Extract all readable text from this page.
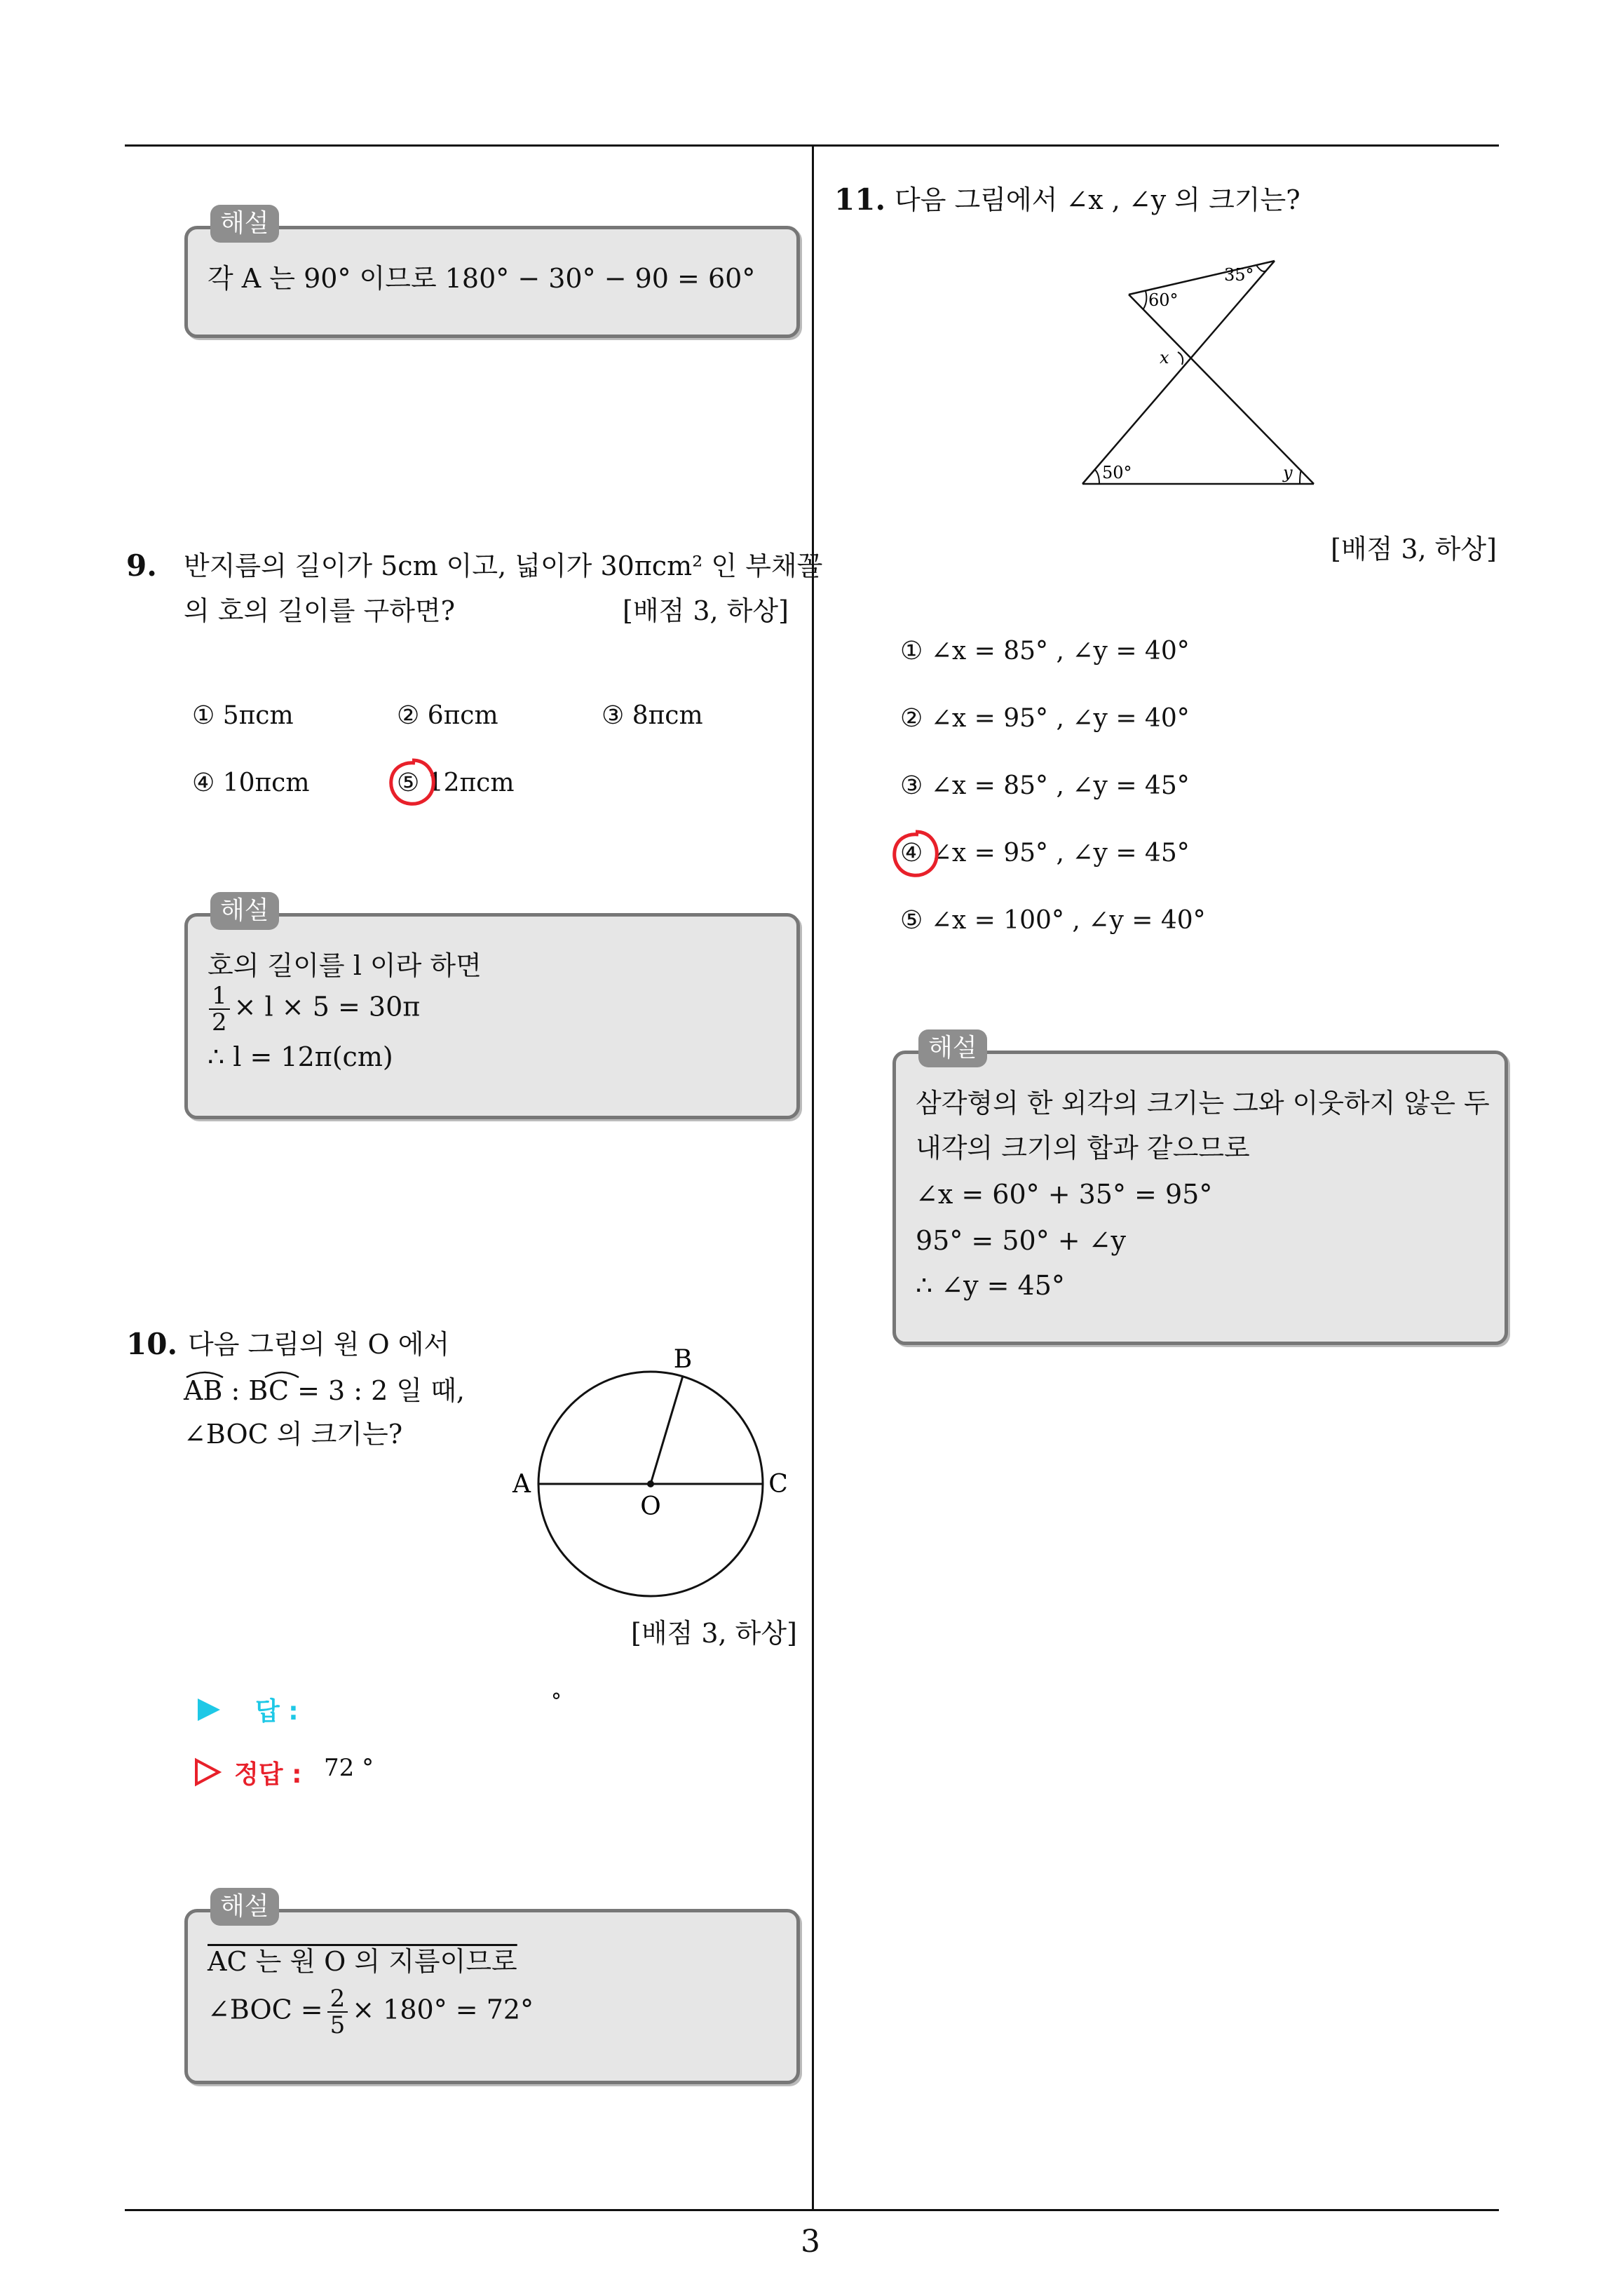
3
해설
각 A 는 90° 이므로 180° − 30° − 90 = 60°
9. 반지름의 길이가 5cm 이고, 넓이가 30πcm² 인 부채꼴
의 호의 길이를 구하면?	[배점 3, 하상]
① 5πcm	② 6πcm	③ 8πcm
④ 10πcm	⑤ 12πcm
해설
호의 길이를 l 이라 하면
$\frac{1}{2} \times l \times 5 = 30\pi$
∴ l = 12π(cm)
10. 다음 그림의 원 O 에서
AB : BC = 3 : 2 일 때,
∠BOC 의 크기는?
B
A	C
O
[배점 3, 하상]
답 :	°
정답 : 72 °
해설
AC 는 원 O 의 지름이므로
∠BOC = $\frac{2}{5} \times 180^\circ = 72^\circ$
11. 다음 그림에서 ∠x , ∠y 의 크기는?
60°
35°
x
50°	y
[배점 3, 하상]
① ∠x = 85° , ∠y = 40°
② ∠x = 95° , ∠y = 40°
③ ∠x = 85° , ∠y = 45°
④ ∠x = 95° , ∠y = 45°
⑤ ∠x = 100° , ∠y = 40°
해설
삼각형의 한 외각의 크기는 그와 이웃하지 않은 두
내각의 크기의 합과 같으므로
∠x = 60° + 35° = 95°
95° = 50° + ∠y
∴ ∠y = 45°
